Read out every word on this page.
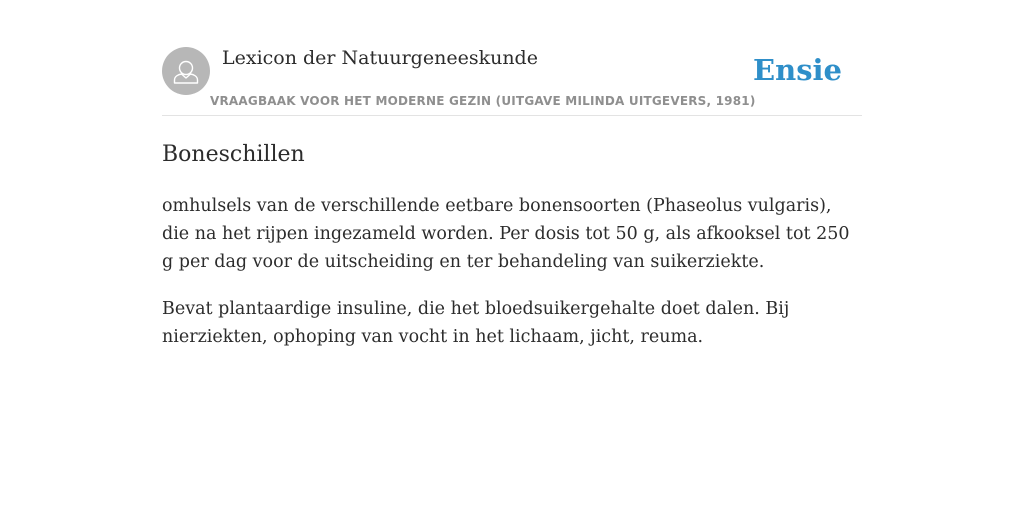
Lexicon der Natuurgeneeskunde
VRAAGBAAK VOOR HET MODERNE GEZIN (UITGAVE MILINDA UITGEVERS, 1981)
Ensie
Boneschillen

omhulsels van de verschillende eetbare bonensoorten (Phaseolus vulgaris), die na het rijpen ingezameld worden. Per dosis tot 50 g, als afkooksel tot 250 g per dag voor de uitscheiding en ter behandeling van suikerziekte.

Bevat plantaardige insuline, die het bloedsuikergehalte doet dalen. Bij nierziekten, ophoping van vocht in het lichaam, jicht, reuma.
